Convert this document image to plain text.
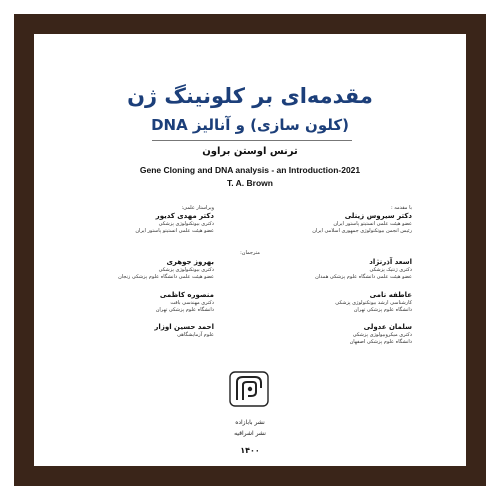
مقدمه‌ای بر کلونینگ ژن
(کلون سازی) و آنالیز DNA
ترنس اوستن براون
Gene Cloning and DNA analysis - an Introduction-2021
T. A. Brown
با مقدمه :
ویراستار علمی:
مترجمان:
دکتر سیروس زینلی
عضو هیئت علمی انستیتو پاستور ایران
رئیس انجمن بیوتکنولوژی جمهوری اسلامی ایران
دکتر مهدی کدیور
دکتری بیوتکنولوژی پزشکی
عضو هیئت علمی انستیتو پاستور ایران
اسعد آذرنژاد
دکتری ژنتیک پزشکی
عضو هیئت علمی دانشگاه علوم پزشکی همدان
بهروز جوهری
دکتری بیوتکنولوژی پزشکی
عضو هیئت علمی دانشگاه علوم پزشکی زنجان
عاطفه نامی
کارشناسی ارشد بیوتکنولوژی پزشکی
دانشگاه علوم پزشکی تهران
منصوره کاظمی
دکتری مهندسی بافت
دانشگاه علوم پزشکی تهران
سلمان عدولی
دکتری میکروبیولوژی پزشکی
دانشگاه علوم پزشکی اصفهان
احمد حسین اوزار
علوم آزمایشگاهی
نشر بابازاده
نشر اشراقیه
۱۴۰۰
